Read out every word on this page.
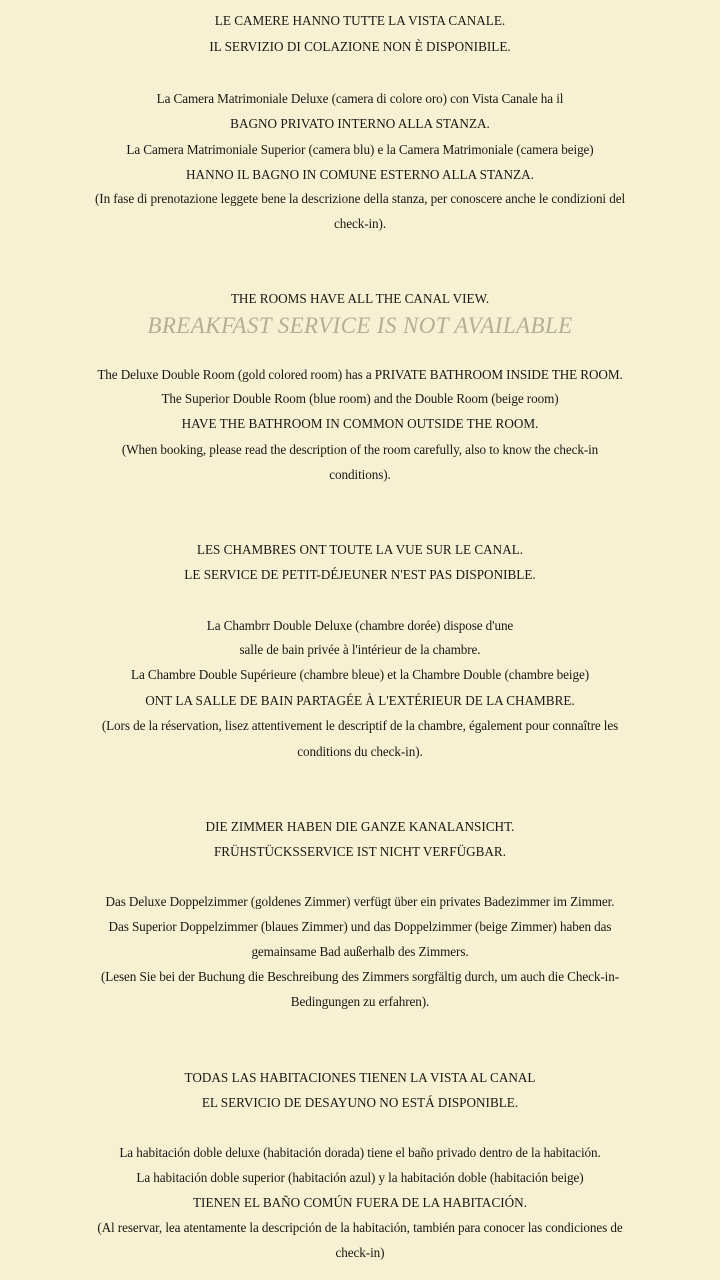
LE CAMERE HANNO TUTTE LA VISTA CANALE.
IL SERVIZIO DI COLAZIONE NON È DISPONIBILE.
La Camera Matrimoniale Deluxe (camera di colore oro) con Vista Canale ha il
BAGNO PRIVATO INTERNO ALLA STANZA.
La Camera Matrimoniale Superior (camera blu) e la Camera Matrimoniale (camera beige)
HANNO IL BAGNO IN COMUNE ESTERNO ALLA STANZA.
(In fase di prenotazione leggete bene la descrizione della stanza, per conoscere anche le condizioni del
check-in).
THE ROOMS HAVE ALL THE CANAL VIEW.
BREAKFAST SERVICE IS NOT AVAILABLE
The Deluxe Double Room (gold colored room) has a PRIVATE BATHROOM INSIDE THE ROOM.
The Superior Double Room (blue room) and the Double Room (beige room)
HAVE THE BATHROOM IN COMMON OUTSIDE THE ROOM.
(When booking, please read the description of the room carefully, also to know the check-in
conditions).
LES CHAMBRES ONT TOUTE LA VUE SUR LE CANAL.
LE SERVICE DE PETIT-DÉJEUNER N'EST PAS DISPONIBLE.
La Chambrr Double Deluxe (chambre dorée) dispose d'une
salle de bain privée à l'intérieur de la chambre.
La Chambre Double Supérieure (chambre bleue) et la Chambre Double (chambre beige)
ONT LA SALLE DE BAIN PARTAGÉE À L'EXTÉRIEUR DE LA CHAMBRE.
(Lors de la réservation, lisez attentivement le descriptif de la chambre, également pour connaître les
conditions du check-in).
DIE ZIMMER HABEN DIE GANZE KANALANSICHT.
FRÜHSTÜCKSSERVICE IST NICHT VERFÜGBAR.
Das Deluxe Doppelzimmer (goldenes Zimmer) verfügt über ein privates Badezimmer im Zimmer.
Das Superior Doppelzimmer (blaues Zimmer) und das Doppelzimmer (beige Zimmer) haben das
gemainsame Bad außerhalb des Zimmers.
(Lesen Sie bei der Buchung die Beschreibung des Zimmers sorgfältig durch, um auch die Check-in-
Bedingungen zu erfahren).
TODAS LAS HABITACIONES TIENEN LA VISTA AL CANAL
EL SERVICIO DE DESAYUNO NO ESTÁ DISPONIBLE.
La habitación doble deluxe (habitación dorada) tiene el baño privado dentro de la habitación.
La habitación doble superior (habitación azul) y la habitación doble (habitación beige)
TIENEN EL BAÑO COMÚN FUERA DE LA HABITACIÓN.
(Al reservar, lea atentamente la descripción de la habitación, también para conocer las condiciones de
check-in)
